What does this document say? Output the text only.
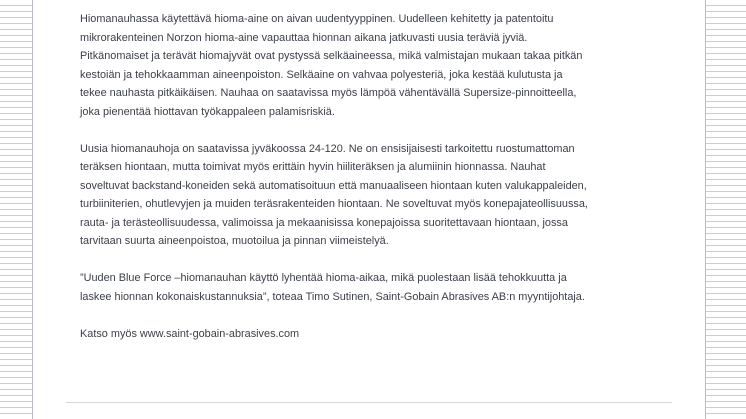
Hiomanauhassa käytettävä hioma-aine on aivan uudentyyppinen. Uudelleen kehitetty ja patentoitu
mikrorakenteinen Norzon hioma-aine vapauttaa hionnan aikana jatkuvasti uusia teräviä jyviä.
Pitkänomaiset ja terävät hiomajyvät ovat pystyssä selkäaineessa, mikä valmistajan mukaan takaa pitkän
kestoiän ja tehokkaamman aineenpoiston. Selkäaine on vahvaa polyesteriä, joka kestää kulutusta ja
tekee nauhasta pitkäikäisen. Nauhaa on saatavissa myös lämpöä vähentävällä Supersize-pinnoitteella,
joka pienentää hiottavan työkappaleen palamisriskiä.

Uusia hiomanauhoja on saatavissa jyväkoossa 24-120. Ne on ensisijaisesti tarkoitettu ruostumattoman
teräksen hiontaan, mutta toimivat myös erittäin hyvin hiiliteräksen ja alumiinin hionnassa. Nauhat
soveltuvat backstand-koneiden sekä automatisoituun että manuaaliseen hiontaan kuten valukappaleiden,
turbiiniterien, ohutlevyjen ja muiden teräsrakenteiden hiontaan. Ne soveltuvat myös konepajateollisuussa,
rauta- ja terästeollisuudessa, valimoissa ja mekaanisissa konepajoissa suoritettavaan hiontaan, jossa
tarvitaan suurta aineenpoistoa, muotoilua ja pinnan viimeistelyä.

”Uuden Blue Force –hiomanauhan käyttö lyhentää hioma-aikaa, mikä puolestaan lisää tehokkuutta ja
laskee hionnan kokonaiskustannuksia”, toteaa Timo Sutinen, Saint-Gobain Abrasives AB:n myyntijohtaja.

Katso myös www.saint-gobain-abrasives.com
